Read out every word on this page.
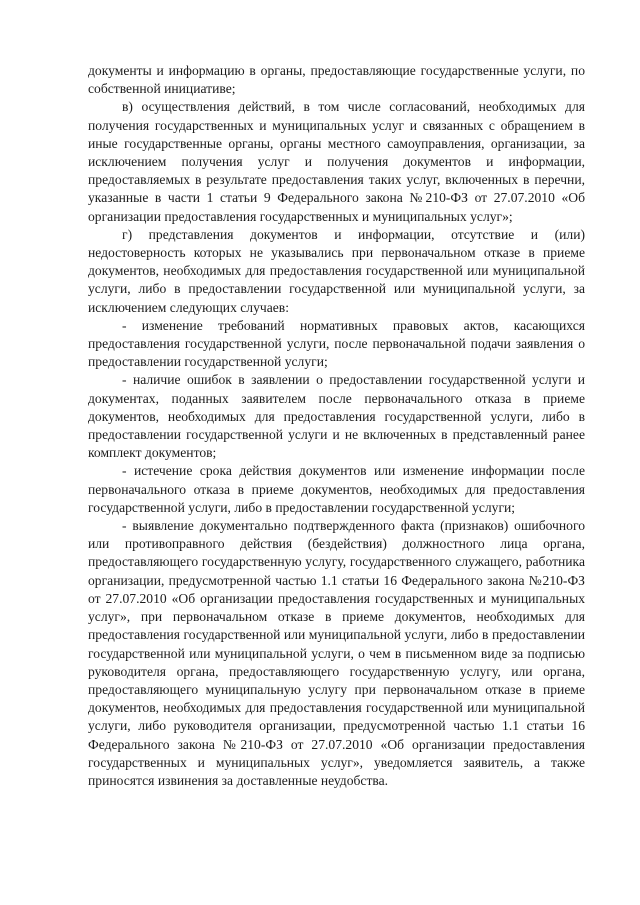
документы и информацию в органы, предоставляющие государственные услуги, по собственной инициативе;

в) осуществления действий, в том числе согласований, необходимых для получения государственных и муниципальных услуг и связанных с обращением в иные государственные органы, органы местного самоуправления, организации, за исключением получения услуг и получения документов и информации, предоставляемых в результате предоставления таких услуг, включенных в перечни, указанные в части 1 статьи 9 Федерального закона №210-ФЗ от 27.07.2010 «Об организации предоставления государственных и муниципальных услуг»;

г) представления документов и информации, отсутствие и (или) недостоверность которых не указывались при первоначальном отказе в приеме документов, необходимых для предоставления государственной или муниципальной услуги, либо в предоставлении государственной или муниципальной услуги, за исключением следующих случаев:

- изменение требований нормативных правовых актов, касающихся предоставления государственной услуги, после первоначальной подачи заявления о предоставлении государственной услуги;

- наличие ошибок в заявлении о предоставлении государственной услуги и документах, поданных заявителем после первоначального отказа в приеме документов, необходимых для предоставления государственной услуги, либо в предоставлении государственной услуги и не включенных в представленный ранее комплект документов;

- истечение срока действия документов или изменение информации после первоначального отказа в приеме документов, необходимых для предоставления государственной услуги, либо в предоставлении государственной услуги;

- выявление документально подтвержденного факта (признаков) ошибочного или противоправного действия (бездействия) должностного лица органа, предоставляющего государственную услугу, государственного служащего, работника организации, предусмотренной частью 1.1 статьи 16 Федерального закона №210-ФЗ от 27.07.2010 «Об организации предоставления государственных и муниципальных услуг», при первоначальном отказе в приеме документов, необходимых для предоставления государственной или муниципальной услуги, либо в предоставлении государственной или муниципальной услуги, о чем в письменном виде за подписью руководителя органа, предоставляющего государственную услугу, или органа, предоставляющего муниципальную услугу при первоначальном отказе в приеме документов, необходимых для предоставления государственной или муниципальной услуги, либо руководителя организации, предусмотренной частью 1.1 статьи 16 Федерального закона №210-ФЗ от 27.07.2010 «Об организации предоставления государственных и муниципальных услуг», уведомляется заявитель, а также приносятся извинения за доставленные неудобства.
